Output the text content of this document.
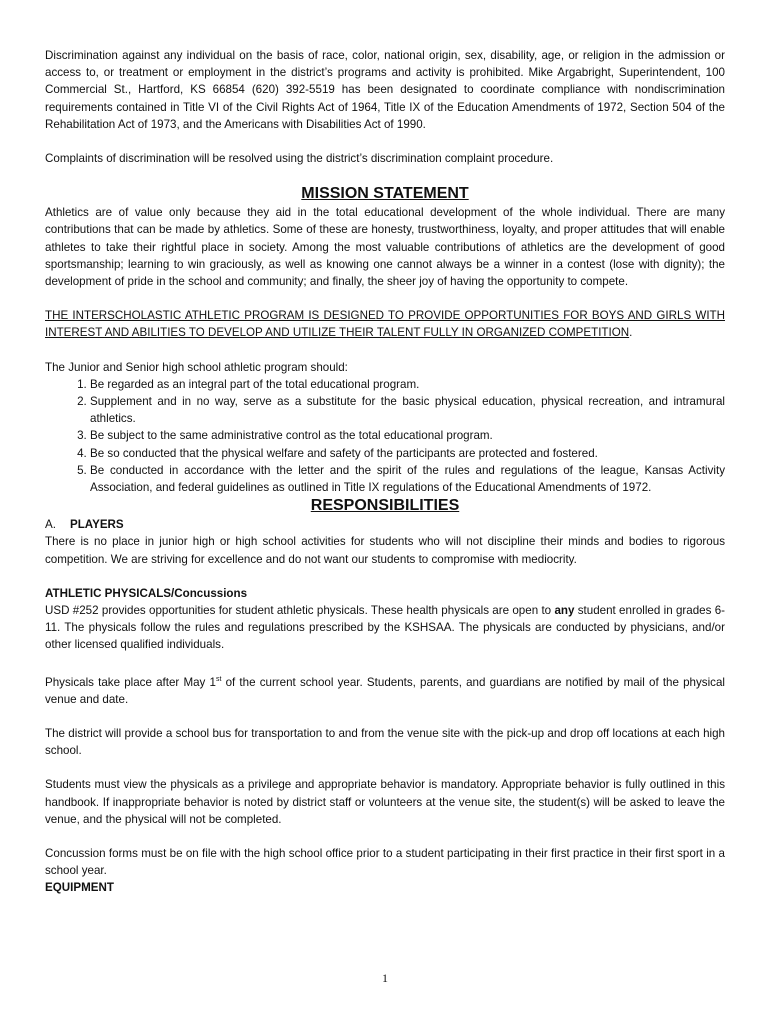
Discrimination against any individual on the basis of race, color, national origin, sex, disability, age, or religion in the admission or access to, or treatment or employment in the district’s programs and activity is prohibited. Mike Argabright, Superintendent, 100 Commercial St., Hartford, KS 66854 (620) 392-5519 has been designated to coordinate compliance with nondiscrimination requirements contained in Title VI of the Civil Rights Act of 1964, Title IX of the Education Amendments of 1972, Section 504 of the Rehabilitation Act of 1973, and the Americans with Disabilities Act of 1990.

Complaints of discrimination will be resolved using the district’s discrimination complaint procedure.

MISSION STATEMENT

Athletics are of value only because they aid in the total educational development of the whole individual. There are many contributions that can be made by athletics. Some of these are honesty, trustworthiness, loyalty, and proper attitudes that will enable athletes to take their rightful place in society. Among the most valuable contributions of athletics are the development of good sportsmanship; learning to win graciously, as well as knowing one cannot always be a winner in a contest (lose with dignity); the development of pride in the school and community; and finally, the sheer joy of having the opportunity to compete.

THE INTERSCHOLASTIC ATHLETIC PROGRAM IS DESIGNED TO PROVIDE OPPORTUNITIES FOR BOYS AND GIRLS WITH INTEREST AND ABILITIES TO DEVELOP AND UTILIZE THEIR TALENT FULLY IN ORGANIZED COMPETITION.

The Junior and Senior high school athletic program should:

1. Be regarded as an integral part of the total educational program.
2. Supplement and in no way, serve as a substitute for the basic physical education, physical recreation, and intramural athletics.
3. Be subject to the same administrative control as the total educational program.
4. Be so conducted that the physical welfare and safety of the participants are protected and fostered.
5. Be conducted in accordance with the letter and the spirit of the rules and regulations of the league, Kansas Activity Association, and federal guidelines as outlined in Title IX regulations of the Educational Amendments of 1972.
RESPONSIBILITIES
A. PLAYERS

There is no place in junior high or high school activities for students who will not discipline their minds and bodies to rigorous competition. We are striving for excellence and do not want our students to compromise with mediocrity.

ATHLETIC PHYSICALS/Concussions

USD #252 provides opportunities for student athletic physicals. These health physicals are open to any student enrolled in grades 6-11. The physicals follow the rules and regulations prescribed by the KSHSAA. The physicals are conducted by physicians, and/or other licensed qualified individuals.

Physicals take place after May 1st of the current school year. Students, parents, and guardians are notified by mail of the physical venue and date.

The district will provide a school bus for transportation to and from the venue site with the pick-up and drop off locations at each high school.

Students must view the physicals as a privilege and appropriate behavior is mandatory. Appropriate behavior is fully outlined in this handbook. If inappropriate behavior is noted by district staff or volunteers at the venue site, the student(s) will be asked to leave the venue, and the physical will not be completed.

Concussion forms must be on file with the high school office prior to a student participating in their first practice in their first sport in a school year.

EQUIPMENT

1
